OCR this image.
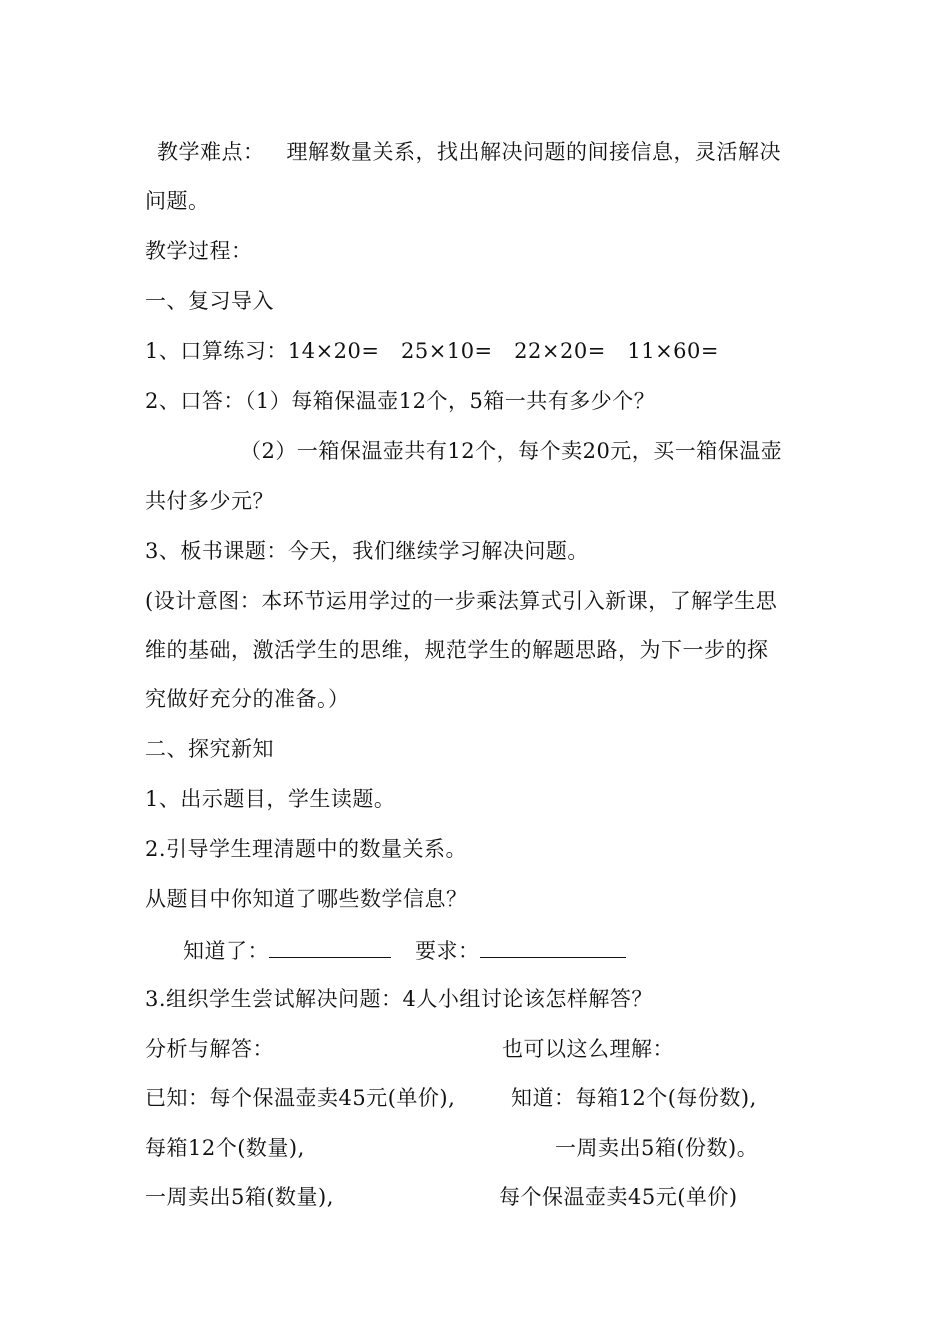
教学难点： 理解数量关系，找出解决问题的间接信息，灵活解决
问题。
教学过程：
一、复习导入
1、口算练习：14×20=   25×10=   22×20=   11×60=
2、口答：（1）每箱保温壶12个，5箱一共有多少个？
（2）一箱保温壶共有12个，每个卖20元，买一箱保温壶
共付多少元？
3、板书课题：今天，我们继续学习解决问题。
(设计意图：本环节运用学过的一步乘法算式引入新课，了解学生思
维的基础，激活学生的思维，规范学生的解题思路，为下一步的探
究做好充分的准备。）
二、探究新知
1、出示题目，学生读题。
2.引导学生理清题中的数量关系。
从题目中你知道了哪些数学信息？
知道了：	要求：
3.组织学生尝试解决问题：4人小组讨论该怎样解答？
分析与解答：	也可以这么理解：
已知：每个保温壶卖45元(单价),	知道：每箱12个(每份数),
每箱12个(数量),	一周卖出5箱(份数)。
一周卖出5箱(数量),	每个保温壶卖45元(单价)
